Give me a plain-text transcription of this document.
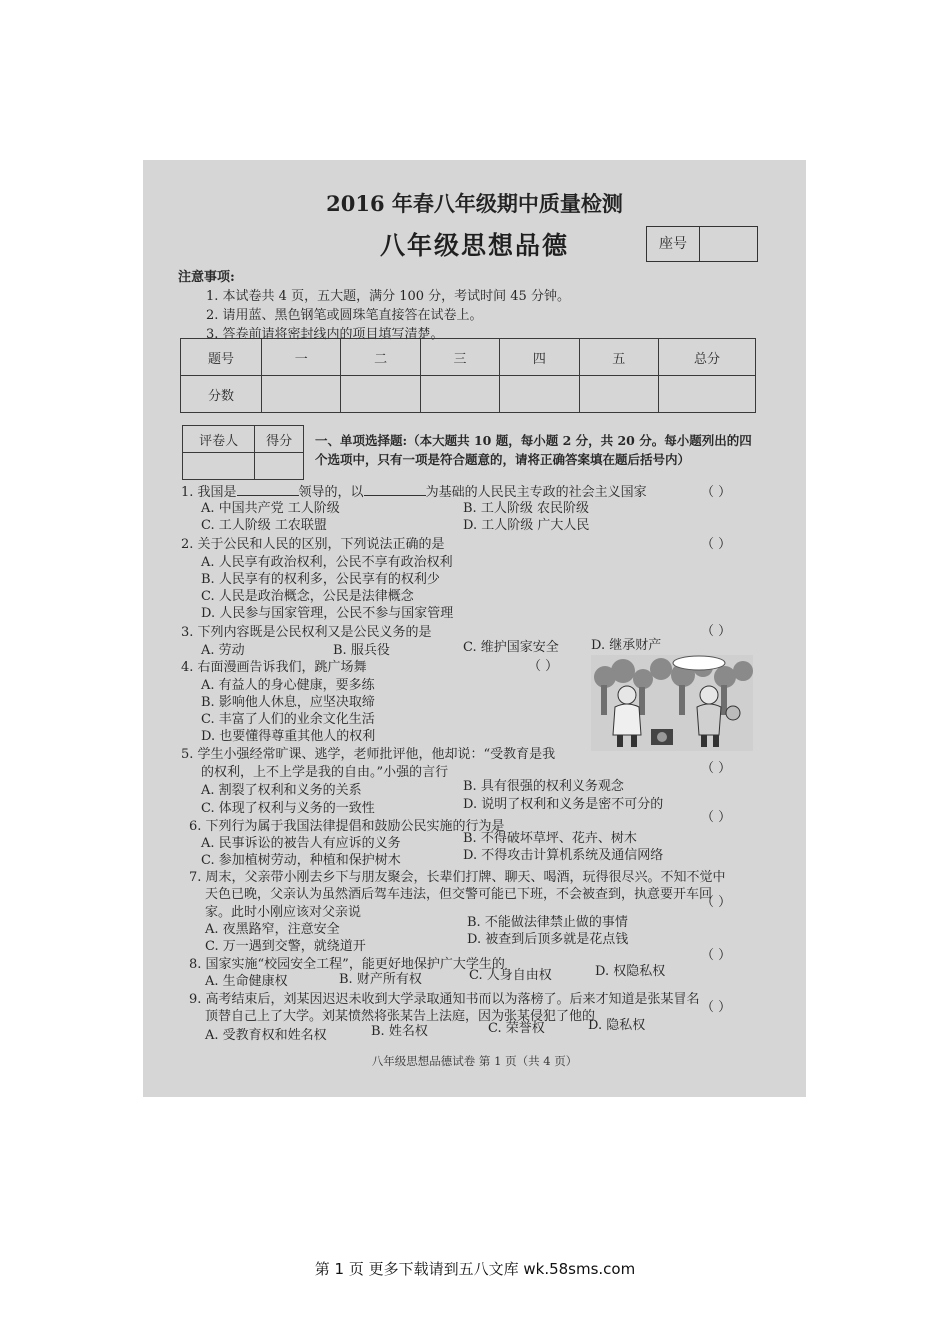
2016 年春八年级期中质量检测
八年级思想品德	座号
注意事项:
1. 本试卷共 4 页，五大题，满分 100 分，考试时间 45 分钟。
2. 请用蓝、黑色钢笔或圆珠笔直接答在试卷上。
3. 答卷前请将密封线内的项目填写清楚。
题号	一	二	三	四	五	总分
分数						
评卷人	得分
	一、单项选择题:（本大题共 10 题，每小题 2 分，共 20 分。每小题列出的四个选项中，只有一项是符合题意的，请将正确答案填在题后括号内）
1. 我国是	领导的，以	为基础的人民民主专政的社会主义国家	（ ）
A. 中国共产党 工人阶级	B. 工人阶级 农民阶级
C. 工人阶级 工农联盟	D. 工人阶级 广大人民
2. 关于公民和人民的区别，下列说法正确的是	（ ）
A. 人民享有政治权利，公民不享有政治权利
B. 人民享有的权利多，公民享有的权利少
C. 人民是政治概念，公民是法律概念
D. 人民参与国家管理，公民不参与国家管理
3. 下列内容既是公民权利又是公民义务的是	（ ）
A. 劳动	B. 服兵役	C. 维护国家安全 D. 继承财产
4. 右面漫画告诉我们，跳广场舞	（ ）
A. 有益人的身心健康，要多练
B. 影响他人休息，应坚决取缔
C. 丰富了人们的业余文化生活
D. 也要懂得尊重其他人的权利
5. 学生小强经常旷课、逃学，老师批评他，他却说：“受教育是我
的权利，上不上学是我的自由。”小强的言行	（ ）
A. 割裂了权利和义务的关系	B. 具有很强的权利义务观念
C. 体现了权利与义务的一致性	D. 说明了权利和义务是密不可分的
6. 下列行为属于我国法律提倡和鼓励公民实施的行为是
（ ）
A. 民事诉讼的被告人有应诉的义务	B. 不得破坏草坪、花卉、树木
C. 参加植树劳动，种植和保护树木	D. 不得攻击计算机系统及通信网络
7. 周末，父亲带小刚去乡下与朋友聚会，长辈们打牌、聊天、喝酒，玩得很尽兴。不知不觉中
天色已晚，父亲认为虽然酒后驾车违法，但交警可能已下班，不会被查到，执意要开车回
家。此时小刚应该对父亲说
（ ）
A. 夜黑路窄，注意安全	B. 不能做法律禁止做的事情
C. 万一遇到交警，就绕道开	D. 被查到后顶多就是花点钱
8. 国家实施“校园安全工程”，能更好地保护广大学生的
（ ）
A. 生命健康权	B. 财产所有权	C. 人身自由权	D. 权隐私权
9. 高考结束后，刘某因迟迟未收到大学录取通知书而以为落榜了。后来才知道是张某冒名
顶替自己上了大学。刘某愤然将张某告上法庭，因为张某侵犯了他的
（ ）
A. 受教育权和姓名权	B. 姓名权	C. 荣誉权	D. 隐私权
八年级思想品德试卷 第 1 页（共 4 页）
第 1 页 更多下载请到五八文库 wk.58sms.com
